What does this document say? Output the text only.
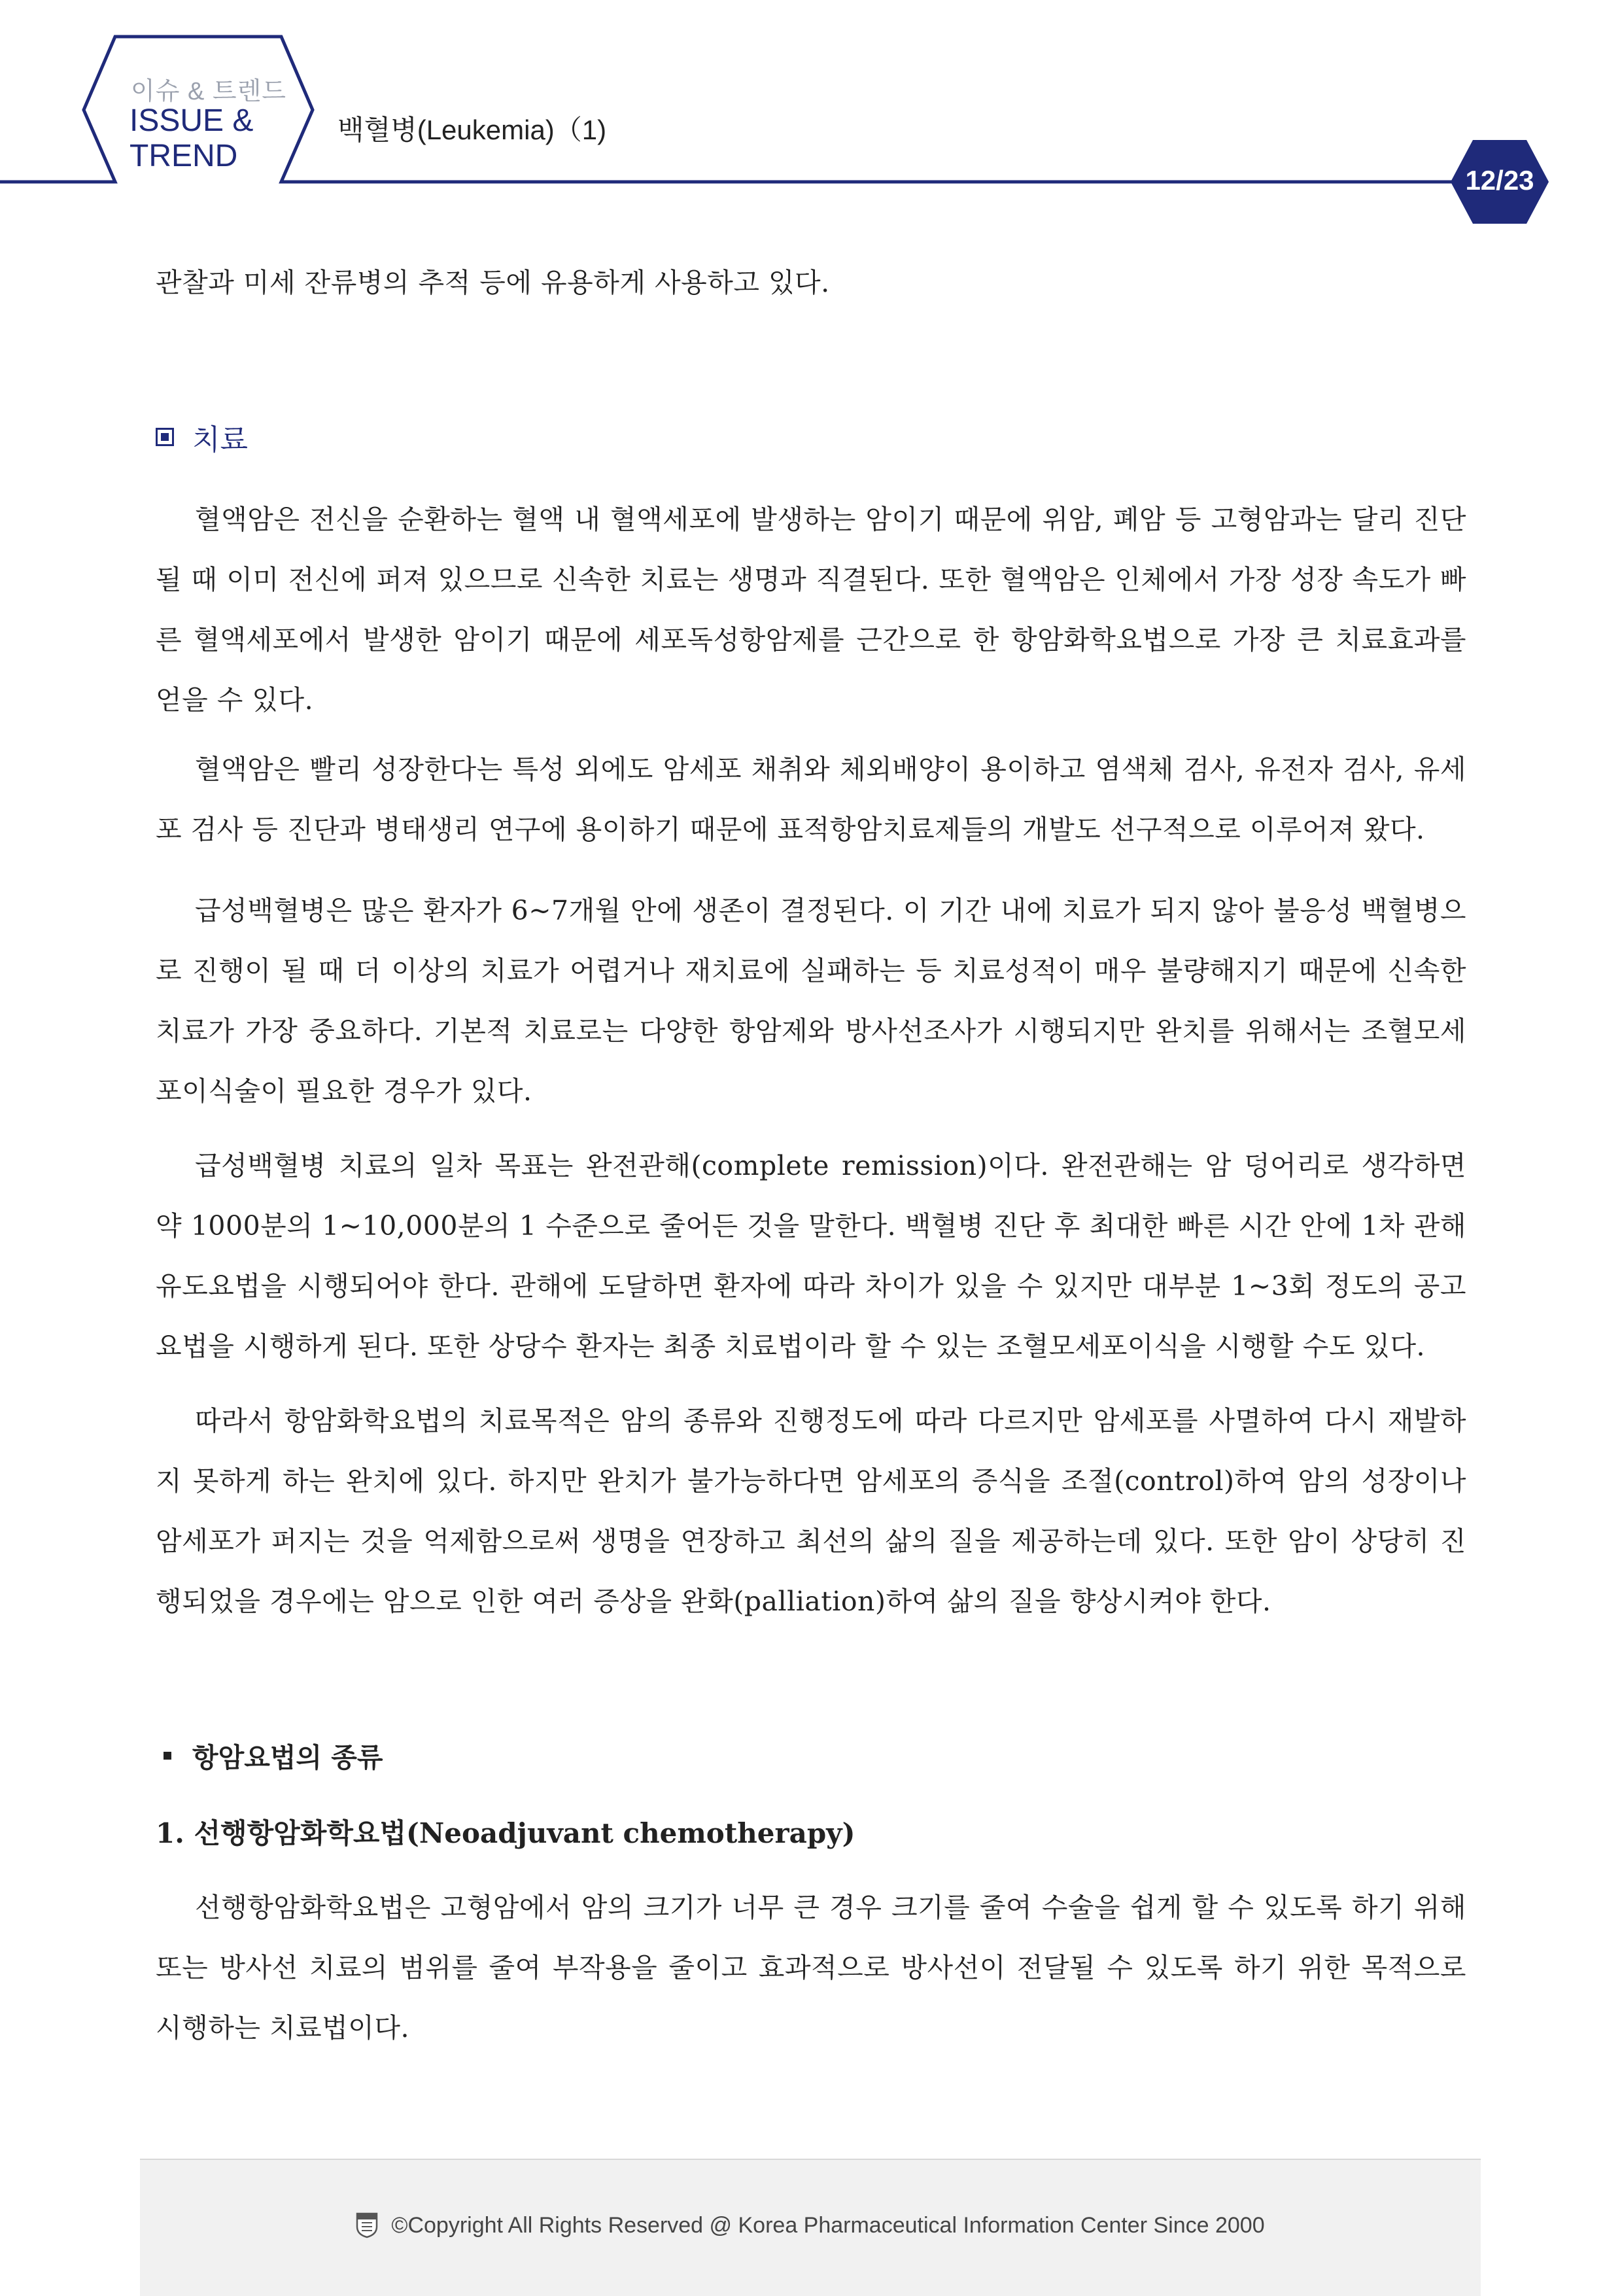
이슈 & 트렌드
ISSUE &
TREND
백혈병(Leukemia)（1)
12/23

관찰과 미세 잔류병의 추적 등에 유용하게 사용하고 있다.

치료

혈액암은 전신을 순환하는 혈액 내 혈액세포에 발생하는 암이기 때문에 위암, 폐암 등 고형암과는 달리 진단될 때 이미 전신에 퍼져 있으므로 신속한 치료는 생명과 직결된다. 또한 혈액암은 인체에서 가장 성장 속도가 빠른 혈액세포에서 발생한 암이기 때문에 세포독성항암제를 근간으로 한 항암화학요법으로 가장 큰 치료효과를 얻을 수 있다.

혈액암은 빨리 성장한다는 특성 외에도 암세포 채취와 체외배양이 용이하고 염색체 검사, 유전자 검사, 유세포 검사 등 진단과 병태생리 연구에 용이하기 때문에 표적항암치료제들의 개발도 선구적으로 이루어져 왔다.

급성백혈병은 많은 환자가 6~7개월 안에 생존이 결정된다. 이 기간 내에 치료가 되지 않아 불응성 백혈병으로 진행이 될 때 더 이상의 치료가 어렵거나 재치료에 실패하는 등 치료성적이 매우 불량해지기 때문에 신속한 치료가 가장 중요하다. 기본적 치료로는 다양한 항암제와 방사선조사가 시행되지만 완치를 위해서는 조혈모세포이식술이 필요한 경우가 있다.

급성백혈병 치료의 일차 목표는 완전관해(complete remission)이다. 완전관해는 암 덩어리로 생각하면 약 1000분의 1~10,000분의 1 수준으로 줄어든 것을 말한다. 백혈병 진단 후 최대한 빠른 시간 안에 1차 관해 유도요법을 시행되어야 한다. 관해에 도달하면 환자에 따라 차이가 있을 수 있지만 대부분 1~3회 정도의 공고요법을 시행하게 된다. 또한 상당수 환자는 최종 치료법이라 할 수 있는 조혈모세포이식을 시행할 수도 있다.

따라서 항암화학요법의 치료목적은 암의 종류와 진행정도에 따라 다르지만 암세포를 사멸하여 다시 재발하지 못하게 하는 완치에 있다. 하지만 완치가 불가능하다면 암세포의 증식을 조절(control)하여 암의 성장이나 암세포가 퍼지는 것을 억제함으로써 생명을 연장하고 최선의 삶의 질을 제공하는데 있다. 또한 암이 상당히 진행되었을 경우에는 암으로 인한 여러 증상을 완화(palliation)하여 삶의 질을 향상시켜야 한다.

항암요법의 종류
1. 선행항암화학요법(Neoadjuvant chemotherapy)

선행항암화학요법은 고형암에서 암의 크기가 너무 큰 경우 크기를 줄여 수술을 쉽게 할 수 있도록 하기 위해 또는 방사선 치료의 범위를 줄여 부작용을 줄이고 효과적으로 방사선이 전달될 수 있도록 하기 위한 목적으로 시행하는 치료법이다.

©Copyright All Rights Reserved @ Korea Pharmaceutical Information Center Since 2000
